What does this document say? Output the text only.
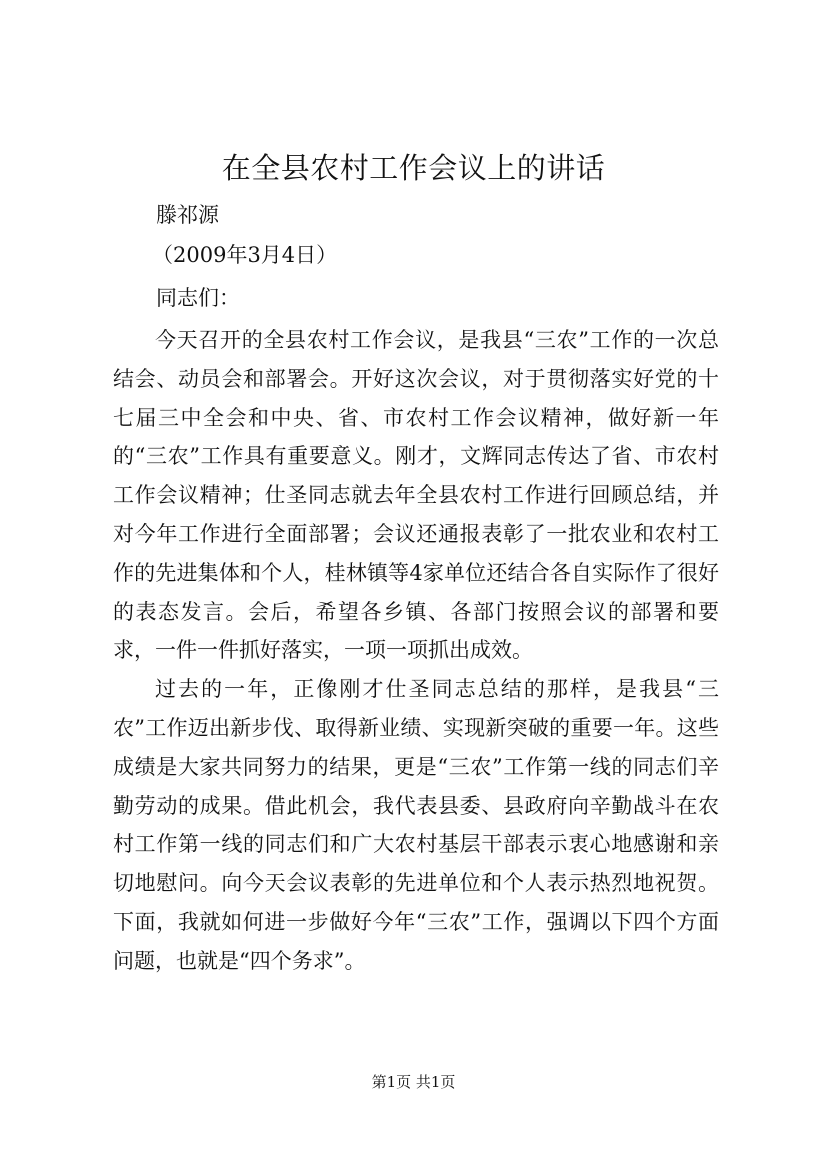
在全县农村工作会议上的讲话

滕祁源

（2009年3月4日）

同志们：

今天召开的全县农村工作会议，是我县“三农”工作的一次总结会、动员会和部署会。开好这次会议，对于贯彻落实好党的十七届三中全会和中央、省、市农村工作会议精神，做好新一年的“三农”工作具有重要意义。刚才，文辉同志传达了省、市农村工作会议精神；仕圣同志就去年全县农村工作进行回顾总结，并对今年工作进行全面部署；会议还通报表彰了一批农业和农村工作的先进集体和个人，桂林镇等4家单位还结合各自实际作了很好的表态发言。会后，希望各乡镇、各部门按照会议的部署和要求，一件一件抓好落实，一项一项抓出成效。

过去的一年，正像刚才仕圣同志总结的那样，是我县“三农”工作迈出新步伐、取得新业绩、实现新突破的重要一年。这些成绩是大家共同努力的结果，更是“三农”工作第一线的同志们辛勤劳动的成果。借此机会，我代表县委、县政府向辛勤战斗在农村工作第一线的同志们和广大农村基层干部表示衷心地感谢和亲切地慰问。向今天会议表彰的先进单位和个人表示热烈地祝贺。下面，我就如何进一步做好今年“三农”工作，强调以下四个方面问题，也就是“四个务求”。

第1页 共1页
